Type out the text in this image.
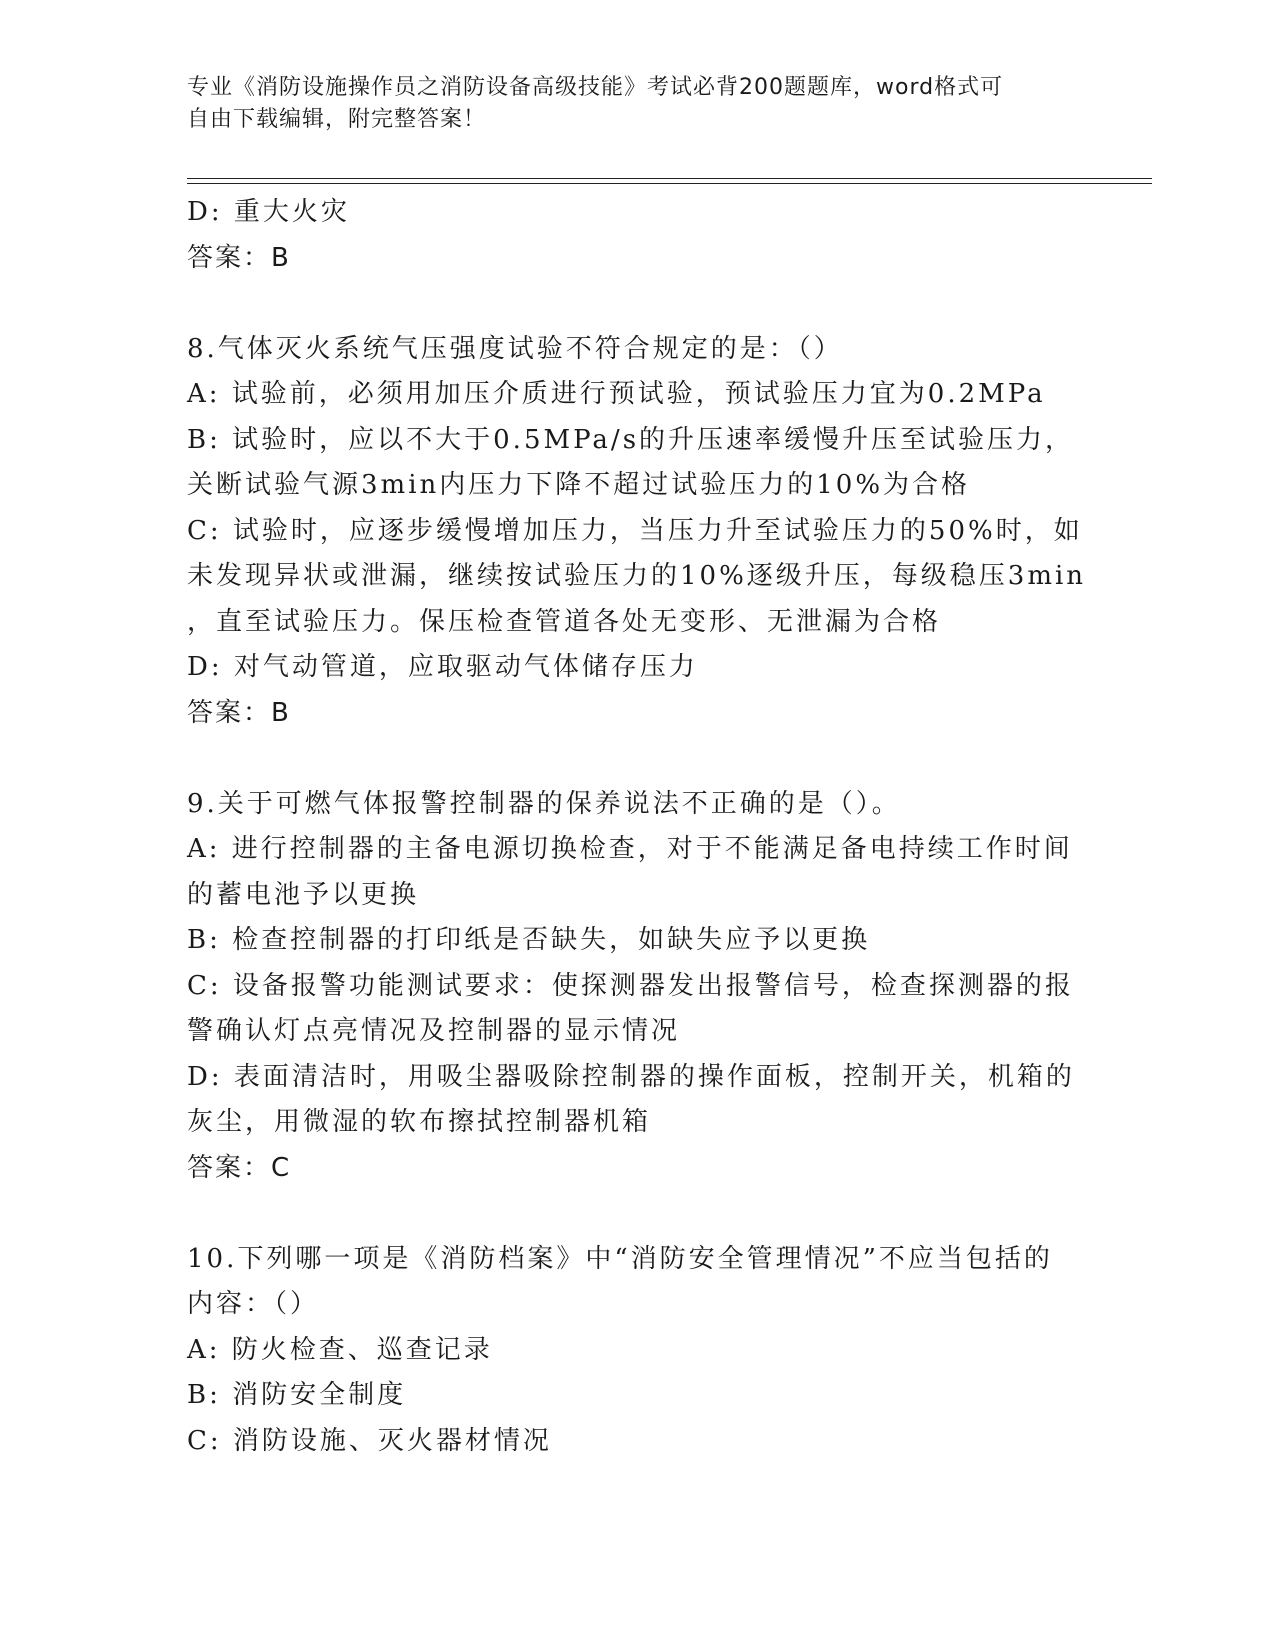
专业《消防设施操作员之消防设备高级技能》考试必背200题题库，word格式可
自由下载编辑，附完整答案！
D: 重大火灾
答案：B
8.气体灭火系统气压强度试验不符合规定的是：（）
A: 试验前，必须用加压介质进行预试验，预试验压力宜为0.2MPa
B: 试验时，应以不大于0.5MPa/s的升压速率缓慢升压至试验压力，
关断试验气源3min内压力下降不超过试验压力的10%为合格
C: 试验时，应逐步缓慢增加压力，当压力升至试验压力的50%时，如
未发现异状或泄漏，继续按试验压力的10%逐级升压，每级稳压3min
，直至试验压力。保压检查管道各处无变形、无泄漏为合格
D: 对气动管道，应取驱动气体储存压力
答案：B
9.关于可燃气体报警控制器的保养说法不正确的是（）。
A: 进行控制器的主备电源切换检查，对于不能满足备电持续工作时间
的蓄电池予以更换
B: 检查控制器的打印纸是否缺失，如缺失应予以更换
C: 设备报警功能测试要求：使探测器发出报警信号，检查探测器的报
警确认灯点亮情况及控制器的显示情况
D: 表面清洁时，用吸尘器吸除控制器的操作面板，控制开关，机箱的
灰尘，用微湿的软布擦拭控制器机箱
答案：C
10.下列哪一项是《消防档案》中“消防安全管理情况”不应当包括的
内容：（）
A: 防火检查、巡查记录
B: 消防安全制度
C: 消防设施、灭火器材情况
